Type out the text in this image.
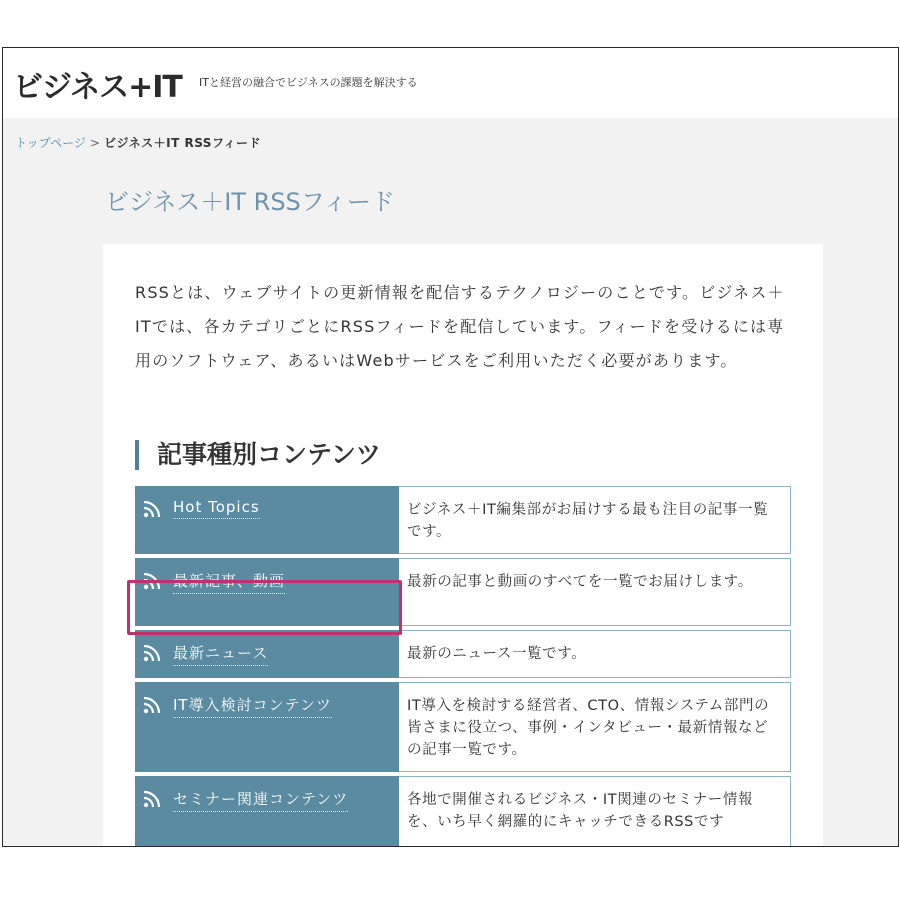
ビジネス+IT ITと経営の融合でビジネスの課題を解決する
トップページ > ビジネス＋IT RSSフィード
ビジネス＋IT RSSフィード

RSSとは、ウェブサイトの更新情報を配信するテクノロジーのことです。ビジネス＋ITでは、各カテゴリごとにRSSフィードを配信しています。フィードを受けるには専用のソフトウェア、あるいはWebサービスをご利用いただく必要があります。

記事種別コンテンツ
Hot Topics	ビジネス＋IT編集部がお届けする最も注目の記事一覧です。
最新記事、動画	最新の記事と動画のすべてを一覧でお届けします。
最新ニュース	最新のニュース一覧です。
IT導入検討コンテンツ	IT導入を検討する経営者、CTO、情報システム部門の皆さまに役立つ、事例・インタビュー・最新情報などの記事一覧です。
セミナー関連コンテンツ	各地で開催されるビジネス・IT関連のセミナー情報を、いち早く網羅的にキャッチできるRSSです
